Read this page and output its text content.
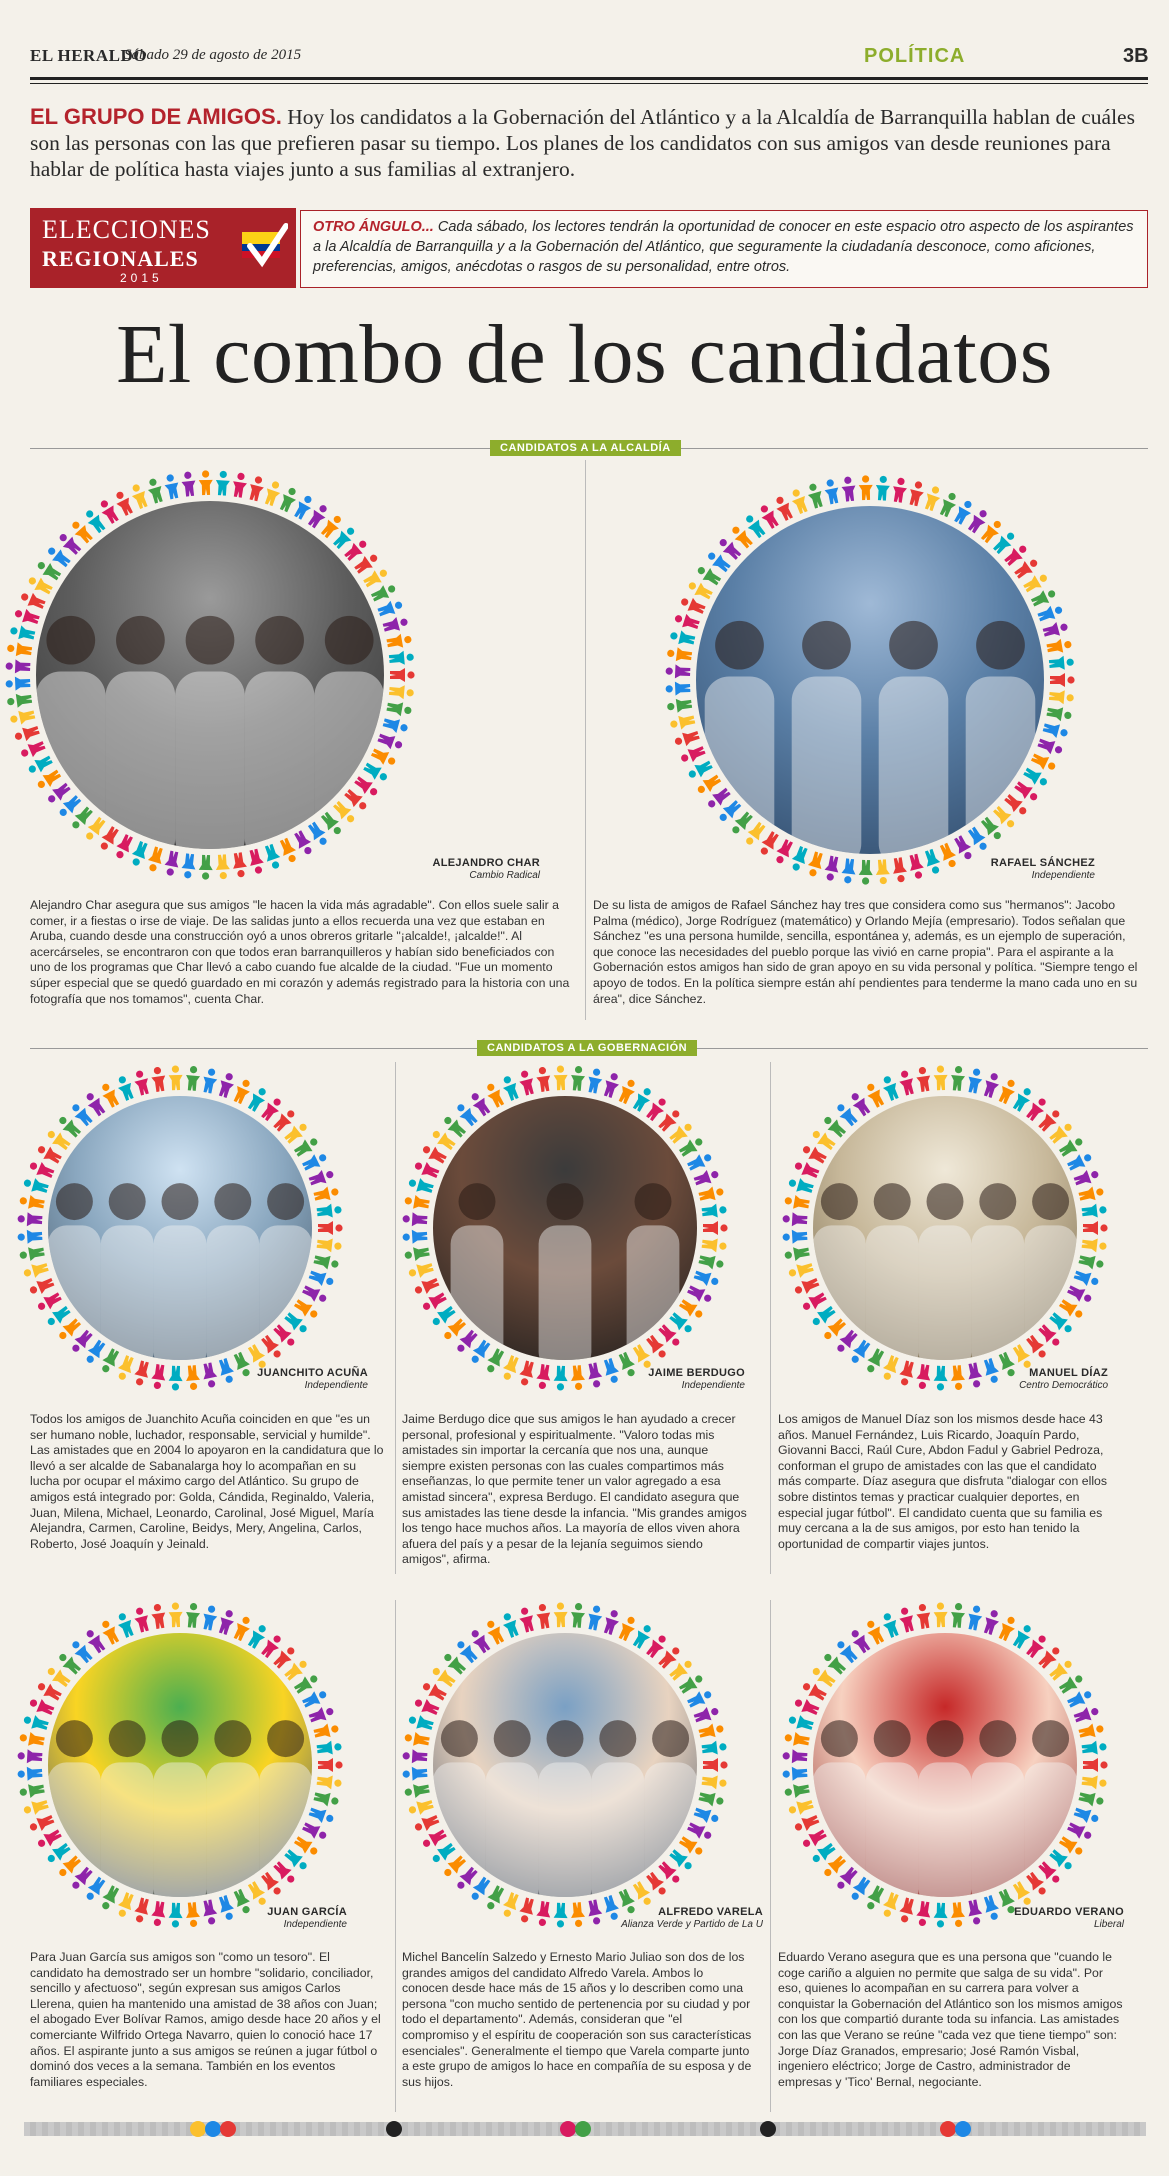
EL HERALDO
Sábado 29 de agosto de 2015	POLÍTICA	3B
EL GRUPO DE AMIGOS. Hoy los candidatos a la Gobernación del Atlántico y a la Alcaldía de Barranquilla hablan de cuáles son las personas con las que prefieren pasar su tiempo. Los planes de los candidatos con sus amigos van desde reuniones para hablar de política hasta viajes junto a sus familias al extranjero.
ELECCIONES
REGIONALES
2015
OTRO ÁNGULO... Cada sábado, los lectores tendrán la oportunidad de conocer en este espacio otro aspecto de los aspirantes a la Alcaldía de Barranquilla y a la Gobernación del Atlántico, que seguramente la ciudadanía desconoce, como aficiones, preferencias, amigos, anécdotas o rasgos de su personalidad, entre otros.
El combo de los candidatos
CANDIDATOS A LA ALCALDÍA
CANDIDATOS A LA GOBERNACIÓN
ALEJANDRO CHAR
Cambio Radical
Alejandro Char asegura que sus amigos "le hacen la vida más agradable". Con ellos suele salir a comer, ir a fiestas o irse de viaje. De las salidas junto a ellos recuerda una vez que estaban en Aruba, cuando desde una construcción oyó a unos obreros gritarle "¡alcalde!, ¡alcalde!". Al acercárseles, se encontraron con que todos eran barranquilleros y habían sido beneficiados con uno de los programas que Char llevó a cabo cuando fue alcalde de la ciudad. "Fue un momento súper especial que se quedó guardado en mi corazón y además registrado para la historia con una fotografía que nos tomamos", cuenta Char.
RAFAEL SÁNCHEZ
Independiente
De su lista de amigos de Rafael Sánchez hay tres que considera como sus "hermanos": Jacobo Palma (médico), Jorge Rodríguez (matemático) y Orlando Mejía (empresario). Todos señalan que Sánchez "es una persona humilde, sencilla, espontánea y, además, es un ejemplo de superación, que conoce las necesidades del pueblo porque las vivió en carne propia". Para el aspirante a la Gobernación estos amigos han sido de gran apoyo en su vida personal y política. "Siempre tengo el apoyo de todos. En la política siempre están ahí pendientes para tenderme la mano cada uno en su área", dice Sánchez.
JUANCHITO ACUÑA
Independiente
Todos los amigos de Juanchito Acuña coinciden en que "es un ser humano noble, luchador, responsable, servicial y humilde". Las amistades que en 2004 lo apoyaron en la candidatura que lo llevó a ser alcalde de Sabanalarga hoy lo acompañan en su lucha por ocupar el máximo cargo del Atlántico. Su grupo de amigos está integrado por: Golda, Cándida, Reginaldo, Valeria, Juan, Milena, Michael, Leonardo, Carolinal, José Miguel, María Alejandra, Carmen, Caroline, Beidys, Mery, Angelina, Carlos, Roberto, José Joaquín y Jeinald.
JAIME BERDUGO
Independiente
Jaime Berdugo dice que sus amigos le han ayudado a crecer personal, profesional y espiritualmente. "Valoro todas mis amistades sin importar la cercanía que nos una, aunque siempre existen personas con las cuales compartimos más enseñanzas, lo que permite tener un valor agregado a esa amistad sincera", expresa Berdugo. El candidato asegura que sus amistades las tiene desde la infancia. "Mis grandes amigos los tengo hace muchos años. La mayoría de ellos viven ahora afuera del país y a pesar de la lejanía seguimos siendo amigos", afirma.
MANUEL DÍAZ
Centro Democrático
Los amigos de Manuel Díaz son los mismos desde hace 43 años. Manuel Fernández, Luis Ricardo, Joaquín Pardo, Giovanni Bacci, Raúl Cure, Abdon Fadul y Gabriel Pedroza, conforman el grupo de amistades con las que el candidato más comparte. Díaz asegura que disfruta "dialogar con ellos sobre distintos temas y practicar cualquier deportes, en especial jugar fútbol". El candidato cuenta que su familia es muy cercana a la de sus amigos, por esto han tenido la oportunidad de compartir viajes juntos.
JUAN GARCÍA
Independiente
Para Juan García sus amigos son "como un tesoro". El candidato ha demostrado ser un hombre "solidario, conciliador, sencillo y afectuoso", según expresan sus amigos Carlos Llerena, quien ha mantenido una amistad de 38 años con Juan; el abogado Ever Bolívar Ramos, amigo desde hace 20 años y el comerciante Wilfrido Ortega Navarro, quien lo conoció hace 17 años. El aspirante junto a sus amigos se reúnen a jugar fútbol o dominó dos veces a la semana. También en los eventos familiares especiales.
ALFREDO VARELA
Alianza Verde y Partido de La U
Michel Bancelín Salzedo y Ernesto Mario Juliao son dos de los grandes amigos del candidato Alfredo Varela. Ambos lo conocen desde hace más de 15 años y lo describen como una persona "con mucho sentido de pertenencia por su ciudad y por todo el departamento". Además, consideran que "el compromiso y el espíritu de cooperación son sus características esenciales". Generalmente el tiempo que Varela comparte junto a este grupo de amigos lo hace en compañía de su esposa y de sus hijos.
EDUARDO VERANO
Liberal
Eduardo Verano asegura que es una persona que "cuando le coge cariño a alguien no permite que salga de su vida". Por eso, quienes lo acompañan en su carrera para volver a conquistar la Gobernación del Atlántico son los mismos amigos con los que compartió durante toda su infancia. Las amistades con las que Verano se reúne "cada vez que tiene tiempo" son: Jorge Díaz Granados, empresario; José Ramón Visbal, ingeniero eléctrico; Jorge de Castro, administrador de empresas y 'Tico' Bernal, negociante.
